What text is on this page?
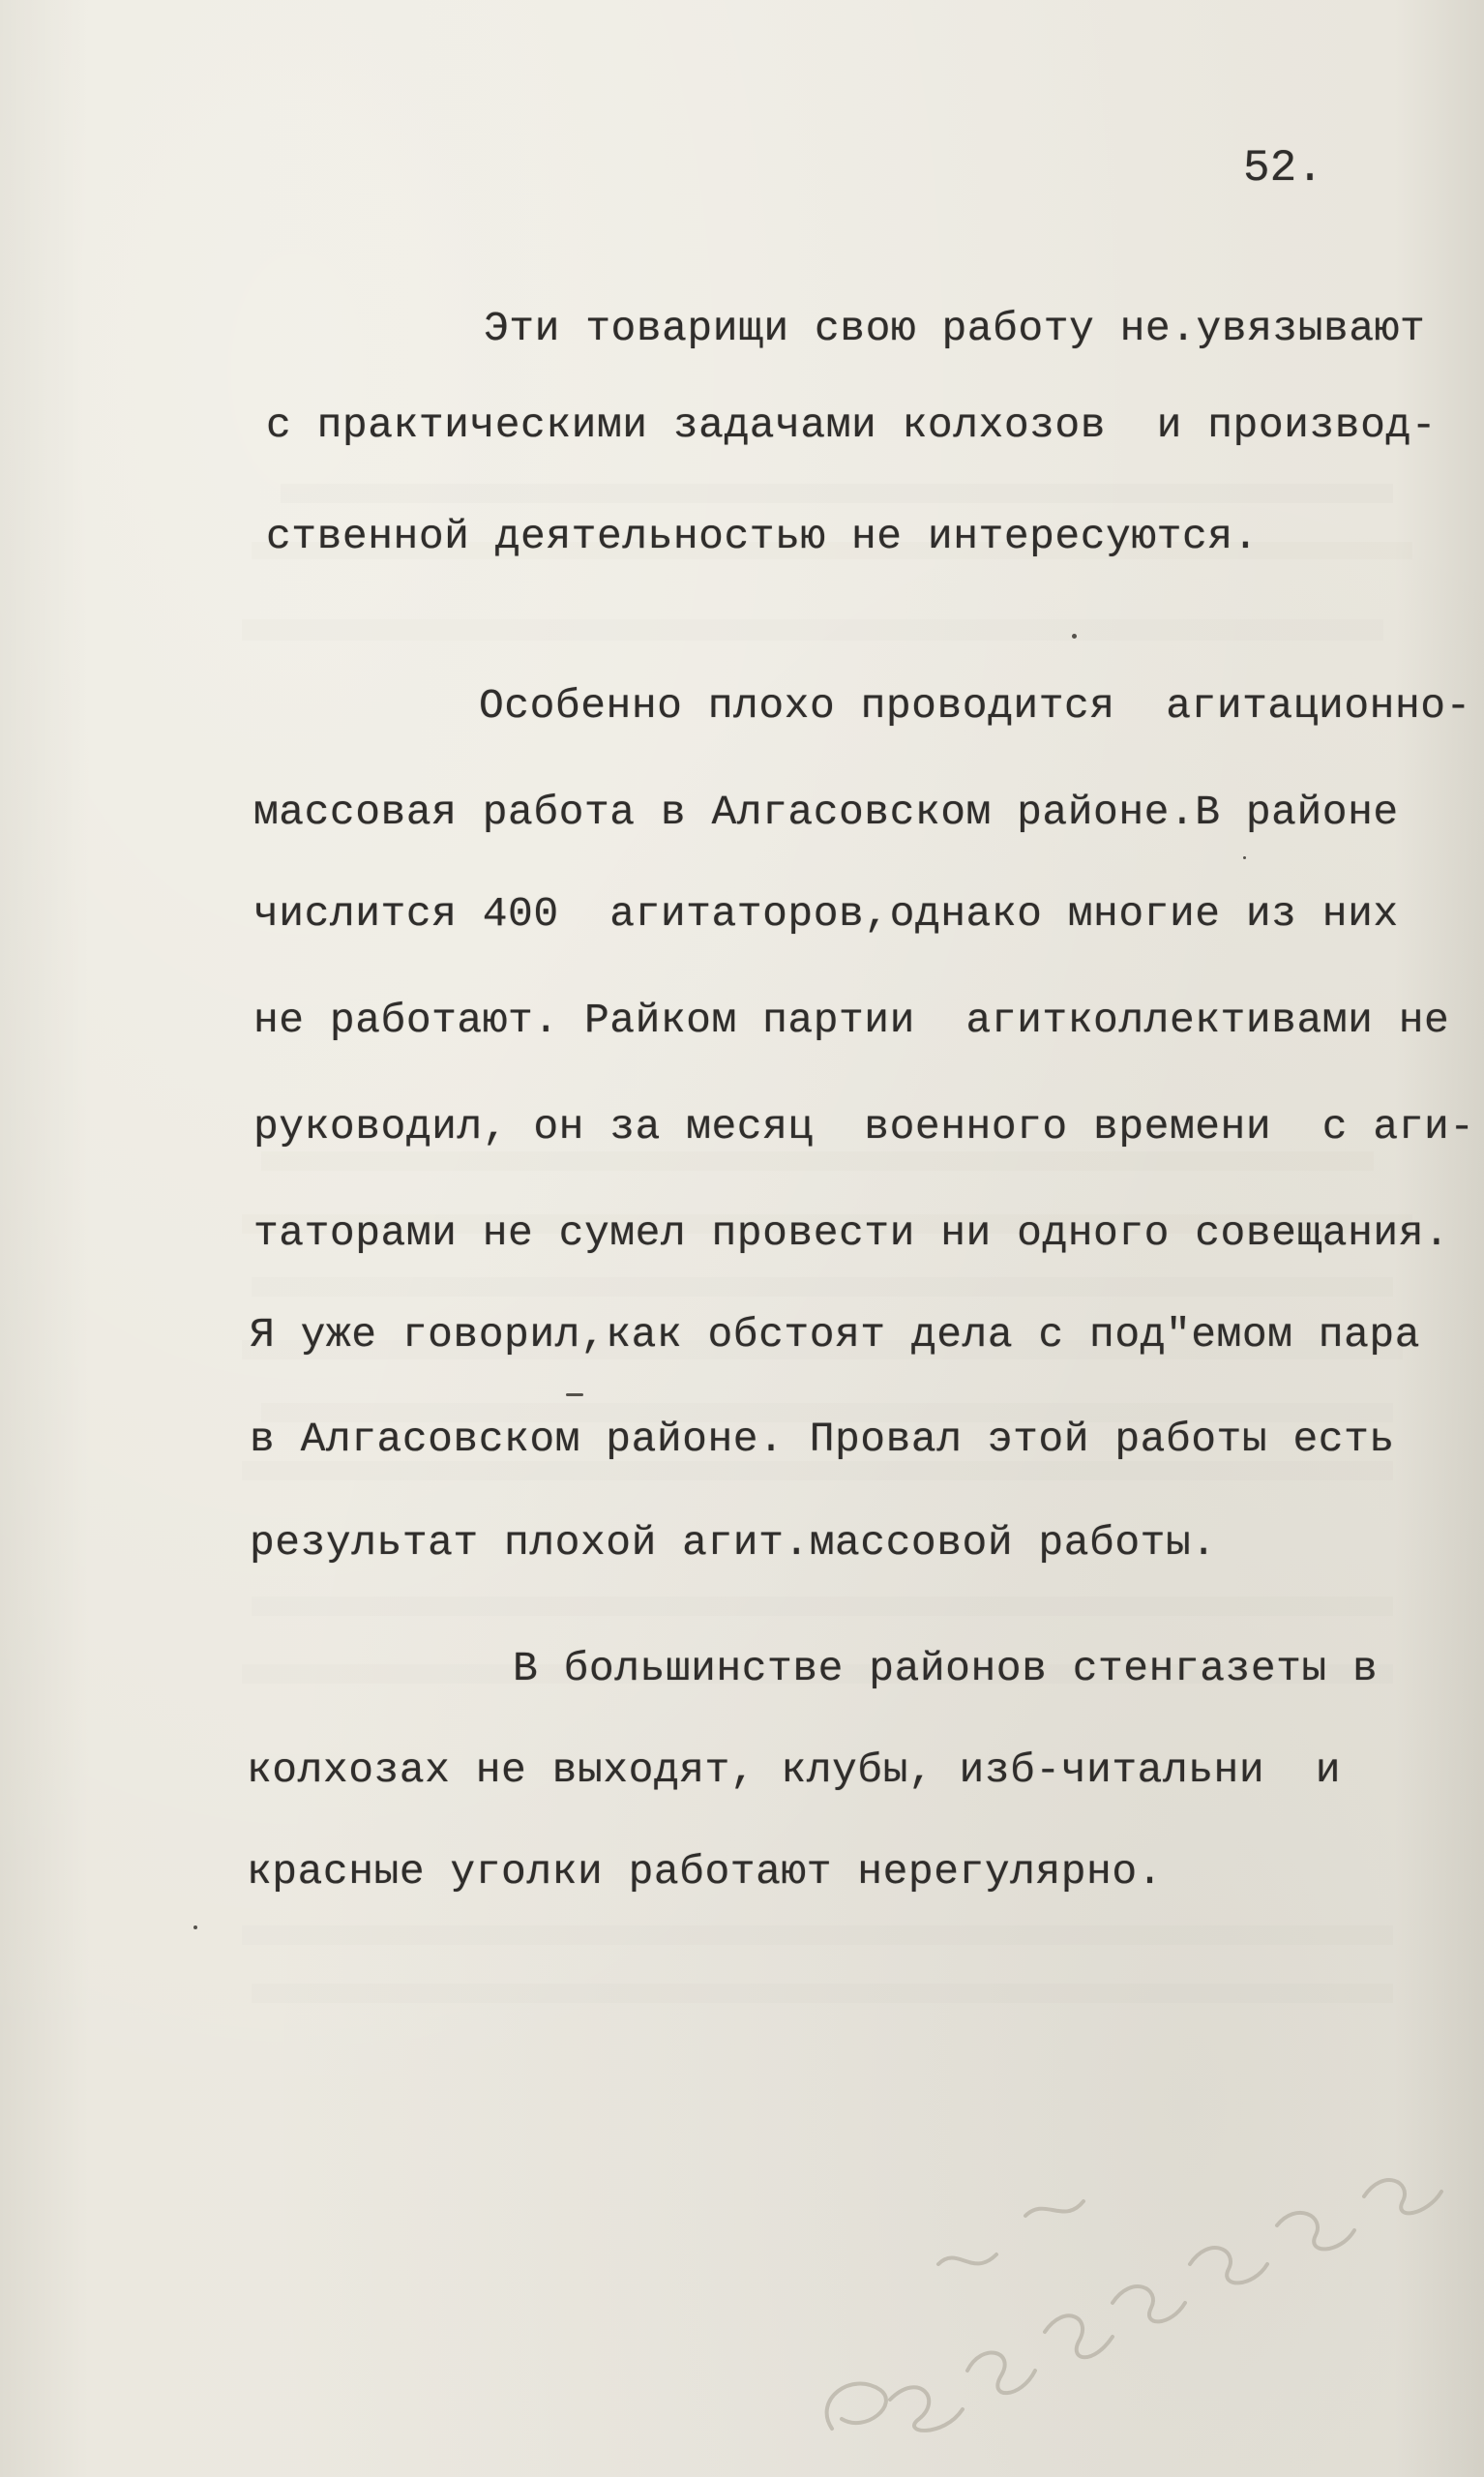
52.

Эти товарищи свою работу не.увязывают

с практическими задачами колхозов  и производ-

ственной деятельностью не интересуются.

Особенно плохо проводится  агитационно-

массовая работа в Алгасовском районе.В районе

числится 400  агитаторов,однако многие из них

не работают. Райком партии  агитколлективами не

руководил, он за месяц  военного времени  с аги-

таторами не сумел провести ни одного совещания.

Я уже говорил,как обстоят дела с под"емом пара

в Алгасовском районе. Провал этой работы есть

результат плохой агит.массовой работы.

В большинстве районов стенгазеты в

колхозах не выходят, клубы, изб-читальни  и

красные уголки работают нерегулярно.
